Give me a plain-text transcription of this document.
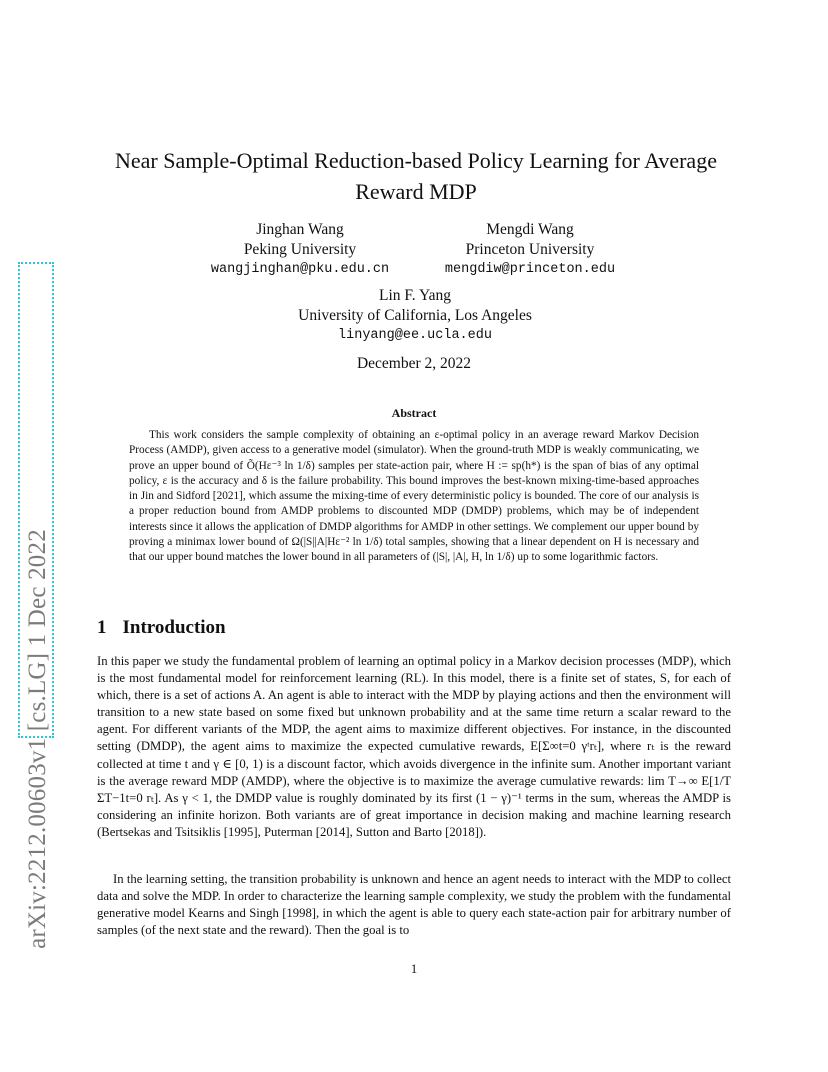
arXiv:2212.00603v1 [cs.LG] 1 Dec 2022
Near Sample-Optimal Reduction-based Policy Learning for Average Reward MDP
Jinghan Wang
Peking University
wangjinghan@pku.edu.cn
Mengdi Wang
Princeton University
mengdiw@princeton.edu
Lin F. Yang
University of California, Los Angeles
linyang@ee.ucla.edu
December 2, 2022
Abstract

This work considers the sample complexity of obtaining an ε-optimal policy in an average reward Markov Decision Process (AMDP), given access to a generative model (simulator). When the ground-truth MDP is weakly communicating, we prove an upper bound of Õ(Hε⁻³ ln 1/δ) samples per state-action pair, where H := sp(h*) is the span of bias of any optimal policy, ε is the accuracy and δ is the failure probability. This bound improves the best-known mixing-time-based approaches in Jin and Sidford [2021], which assume the mixing-time of every deterministic policy is bounded. The core of our analysis is a proper reduction bound from AMDP problems to discounted MDP (DMDP) problems, which may be of independent interests since it allows the application of DMDP algorithms for AMDP in other settings. We complement our upper bound by proving a minimax lower bound of Ω(|S||A|Hε⁻² ln 1/δ) total samples, showing that a linear dependent on H is necessary and that our upper bound matches the lower bound in all parameters of (|S|, |A|, H, ln 1/δ) up to some logarithmic factors.

1 Introduction

In this paper we study the fundamental problem of learning an optimal policy in a Markov decision processes (MDP), which is the most fundamental model for reinforcement learning (RL). In this model, there is a finite set of states, S, for each of which, there is a set of actions A. An agent is able to interact with the MDP by playing actions and then the environment will transition to a new state based on some fixed but unknown probability and at the same time return a scalar reward to the agent. For different variants of the MDP, the agent aims to maximize different objectives. For instance, in the discounted setting (DMDP), the agent aims to maximize the expected cumulative rewards, E[Σ∞t=0 γᵗrₜ], where rₜ is the reward collected at time t and γ ∈ [0, 1) is a discount factor, which avoids divergence in the infinite sum. Another important variant is the average reward MDP (AMDP), where the objective is to maximize the average cumulative rewards: lim T→∞ E[1/T ΣT−1t=0 rₜ]. As γ < 1, the DMDP value is roughly dominated by its first (1 − γ)⁻¹ terms in the sum, whereas the AMDP is considering an infinite horizon. Both variants are of great importance in decision making and machine learning research (Bertsekas and Tsitsiklis [1995], Puterman [2014], Sutton and Barto [2018]).

In the learning setting, the transition probability is unknown and hence an agent needs to interact with the MDP to collect data and solve the MDP. In order to characterize the learning sample complexity, we study the problem with the fundamental generative model Kearns and Singh [1998], in which the agent is able to query each state-action pair for arbitrary number of samples (of the next state and the reward). Then the goal is to

1
